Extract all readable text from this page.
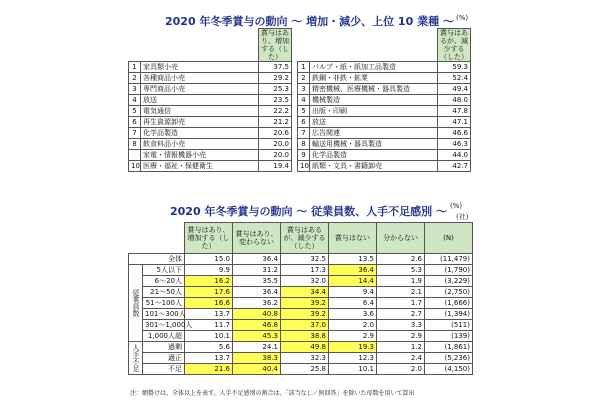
2020 年冬季賞与の動向 ～ 増加・減少、上位 10 業種 ～ (%)
		賞与はあり、増加する（した）				賞与はあるが、減少する（した）
1	家具類小売	37.5		1	パルプ・紙・紙加工品製造	59.3
2	各種商品小売	29.2		2	鉄鋼・非鉄・鉱業	52.4
3	専門商品小売	25.3		3	精密機械、医療機械・器具製造	49.4
4	放送	23.5		4	機械製造	48.0
5	電気通信	22.2		5	出版・印刷	47.8
6	再生資源卸売	21.2		6	放送	47.1
7	化学品製造	20.6		7	広告関連	46.6
8	飲食料品小売	20.0		8	輸送用機械・器具製造	46.3
	家電・情報機器小売	20.0		9	化学品製造	44.0
10	医療・福祉・保健衛生	19.4		10	紙類・文具・書籍卸売	42.7
2020 年冬季賞与の動向 ～ 従業員数、人手不足感別 ～ (%)
		賞与はあり、増加する（した）	賞与はあり、変わらない	賞与はあるが、減少する（した）	賞与はない	分からない	(N)
全体		15.0	36.4	32.5	13.5	2.6	(11,479)
従業員数	5人以下	9.9	31.2	17.3	36.4	5.3	(1,790)
	6～20人	16.2	35.5	32.0	14.4	1.9	(3,229)
	21～50人	17.6	36.4	34.4	9.4	2.1	(2,750)
	51～100人	16.6	36.2	39.2	6.4	1.7	(1,666)
	101～300人	13.7	40.8	39.2	3.6	2.7	(1,394)
	301～1,000人	11.7	46.8	37.0	2.0	3.3	(511)
	1,000人超	10.1	45.3	38.8	2.9	2.9	(139)
人手不足	過剰	5.6	24.1	49.8	19.3	1.2	(1,861)
	適正	13.7	38.3	32.3	12.3	2.4	(5,236)
	不足	21.6	40.4	25.8	10.1	2.0	(4,150)
注：網掛けは、全体以上を表す。人手不足感別の割合は、「該当なし／無回答」を除いた母数を用いて算出
(社)
